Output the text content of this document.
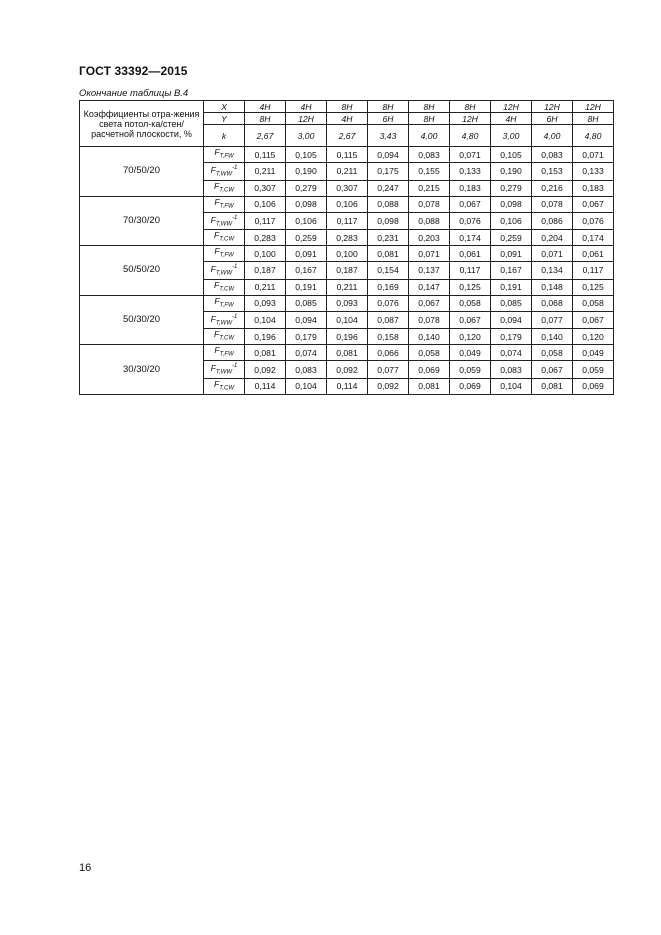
ГОСТ 33392—2015
Окончание таблицы В.4
Коэффициенты отра-жения света потол-ка/стен/расчетной плоскости, %	X	4H	4H	8H	8H	8H	8H	12H	12H	12H
	Y	8H	12H	4H	6H	8H	12H	4H	6H	8H
	k	2,67	3,00	2,67	3,43	4,00	4,80	3,00	4,00	4,80
70/50/20	$F_{T,FW}$	0,115	0,105	0,115	0,094	0,083	0,071	0,105	0,083	0,071
	$F_{T,WW}^{-1}$	0,211	0,190	0,211	0,175	0,155	0,133	0,190	0,153	0,133
	$F_{T,CW}$	0,307	0,279	0,307	0,247	0,215	0,183	0,279	0,216	0,183
70/30/20	$F_{T,FW}$	0,106	0,098	0,106	0,088	0,078	0,067	0,098	0,078	0,067
	$F_{T,WW}^{-1}$	0,117	0,106	0,117	0,098	0,088	0,076	0,106	0,086	0,076
	$F_{T,CW}$	0,283	0,259	0,283	0,231	0,203	0,174	0,259	0,204	0,174
50/50/20	$F_{T,FW}$	0,100	0,091	0,100	0,081	0,071	0,061	0,091	0,071	0,061
	$F_{T,WW}^{-1}$	0,187	0,167	0,187	0,154	0,137	0,117	0,167	0,134	0,117
	$F_{T,CW}$	0,211	0,191	0,211	0,169	0,147	0,125	0,191	0,148	0,125
50/30/20	$F_{T,FW}$	0,093	0,085	0,093	0,076	0,067	0,058	0,085	0,068	0,058
	$F_{T,WW}^{-1}$	0,104	0,094	0,104	0,087	0,078	0,067	0,094	0,077	0,067
	$F_{T,CW}$	0,196	0,179	0,196	0,158	0,140	0,120	0,179	0,140	0,120
30/30/20	$F_{T,FW}$	0,081	0,074	0,081	0,066	0,058	0,049	0,074	0,058	0,049
	$F_{T,WW}^{-1}$	0,092	0,083	0,092	0,077	0,069	0,059	0,083	0,067	0,059
	$F_{T,CW}$	0,114	0,104	0,114	0,092	0,081	0,069	0,104	0,081	0,069
16
